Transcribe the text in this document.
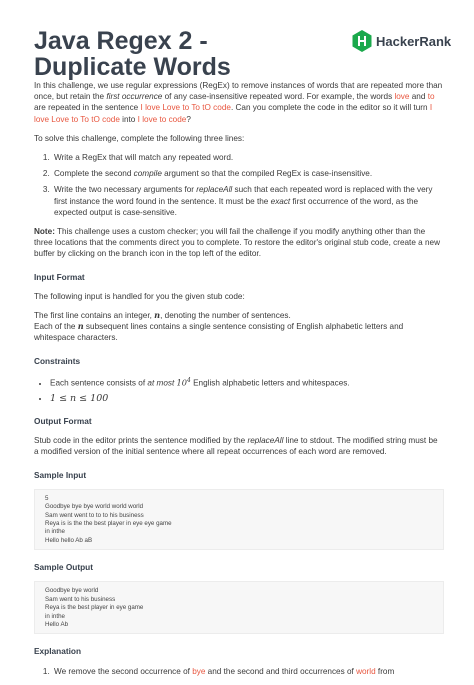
Java Regex 2 -
Duplicate Words
HackerRank

In this challenge, we use regular expressions (RegEx) to remove instances of words that are repeated more than once, but retain the first occurrence of any case-insensitive repeated word. For example, the words love and to are repeated in the sentence I love Love to To tO code. Can you complete the code in the editor so it will turn I love Love to To tO code into I love to code?

To solve this challenge, complete the following three lines:

1. Write a RegEx that will match any repeated word.
2. Complete the second compile argument so that the compiled RegEx is case-insensitive.
3. Write the two necessary arguments for replaceAll such that each repeated word is replaced with the very first instance the word found in the sentence. It must be the exact first occurrence of the word, as the expected output is case-sensitive.

Note: This challenge uses a custom checker; you will fail the challenge if you modify anything other than the three locations that the comments direct you to complete. To restore the editor's original stub code, create a new buffer by clicking on the branch icon in the top left of the editor.

Input Format

The following input is handled for you the given stub code:

The first line contains an integer, n, denoting the number of sentences.
Each of the n subsequent lines contains a single sentence consisting of English alphabetic letters and whitespace characters.

Constraints
• Each sentence consists of at most $10^4$ English alphabetic letters and whitespaces.
• 1 ≤ n ≤ 100
Output Format

Stub code in the editor prints the sentence modified by the replaceAll line to stdout. The modified string must be a modified version of the initial sentence where all repeat occurrences of each word are removed.

Sample Input
5
Goodbye bye bye world world world
Sam went went to to to his business
Reya is is the the best player in eye eye game
in inthe
Hello hello Ab aB
Sample Output
Goodbye bye world
Sam went to his business
Reya is the best player in eye game
in inthe
Hello Ab
Explanation
1. We remove the second occurrence of bye and the second and third occurrences of world from
